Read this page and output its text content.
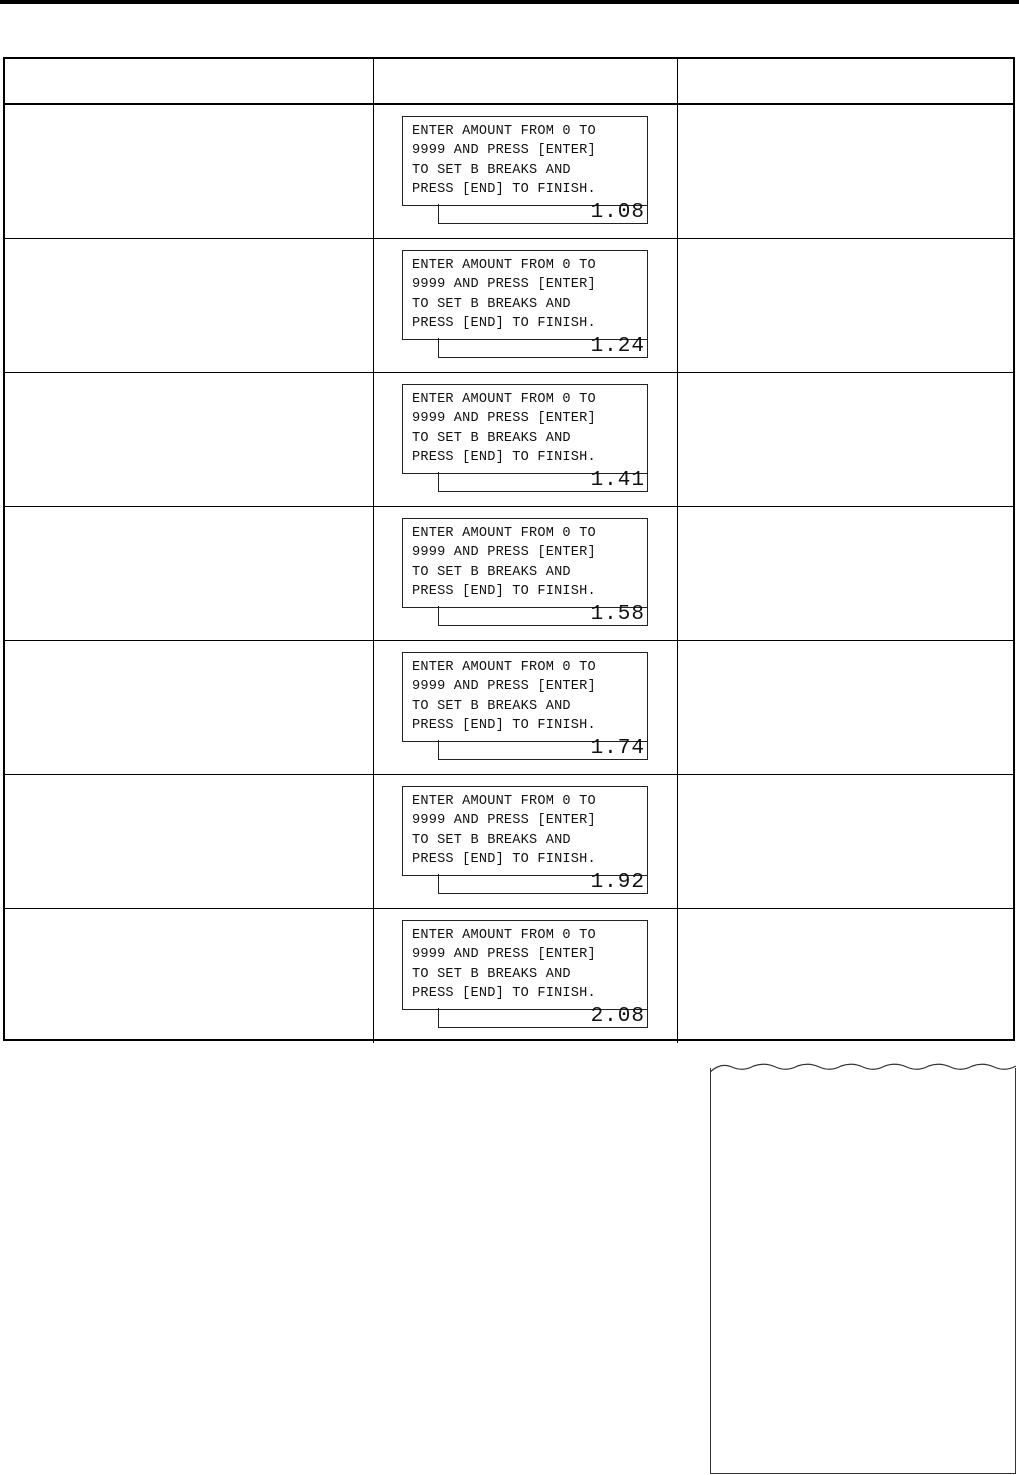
ENTER AMOUNT FROM 0 TO
9999 AND PRESS [ENTER]
TO SET B BREAKS AND
PRESS [END] TO FINISH.
1.08
ENTER AMOUNT FROM 0 TO
9999 AND PRESS [ENTER]
TO SET B BREAKS AND
PRESS [END] TO FINISH.
1.24
ENTER AMOUNT FROM 0 TO
9999 AND PRESS [ENTER]
TO SET B BREAKS AND
PRESS [END] TO FINISH.
1.41
ENTER AMOUNT FROM 0 TO
9999 AND PRESS [ENTER]
TO SET B BREAKS AND
PRESS [END] TO FINISH.
1.58
ENTER AMOUNT FROM 0 TO
9999 AND PRESS [ENTER]
TO SET B BREAKS AND
PRESS [END] TO FINISH.
1.74
ENTER AMOUNT FROM 0 TO
9999 AND PRESS [ENTER]
TO SET B BREAKS AND
PRESS [END] TO FINISH.
1.92
ENTER AMOUNT FROM 0 TO
9999 AND PRESS [ENTER]
TO SET B BREAKS AND
PRESS [END] TO FINISH.
2.08
